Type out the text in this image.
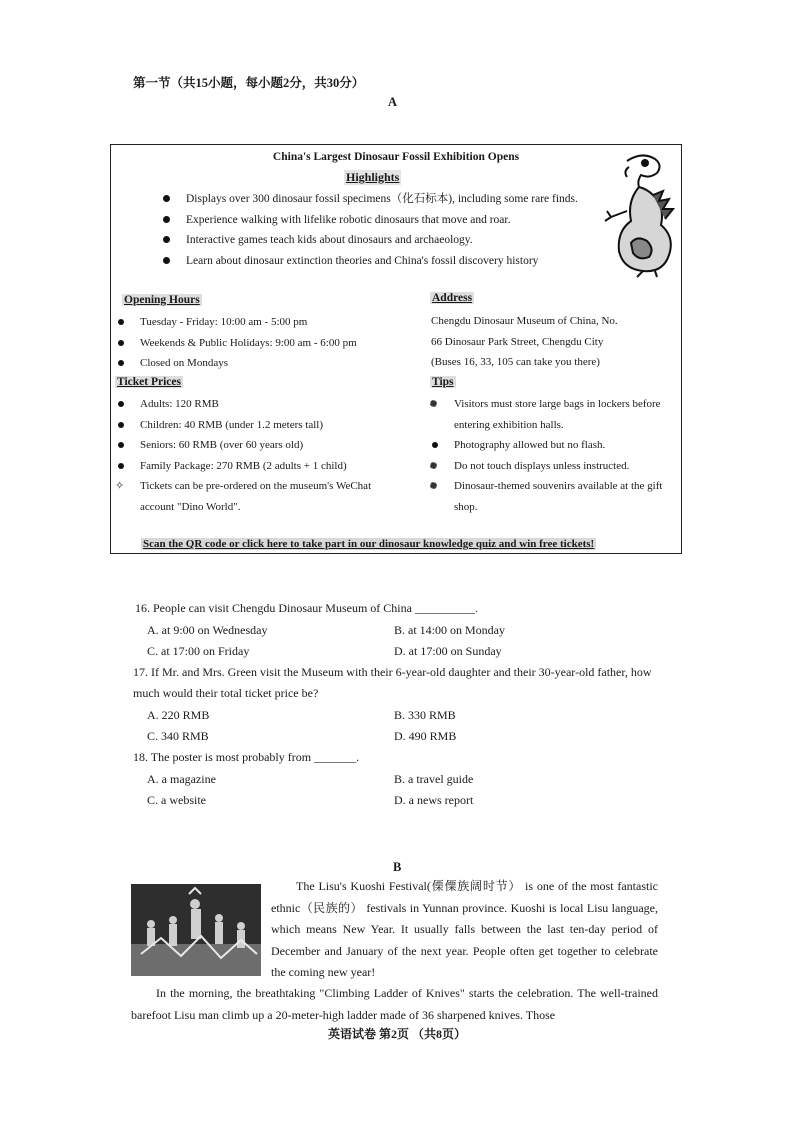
第一节（共15小题，每小题2分，共30分）
A
China's Largest Dinosaur Fossil Exhibition Opens
Highlights
Displays over 300 dinosaur fossil specimens（化石标本), including some rare finds.
Experience walking with lifelike robotic dinosaurs that move and roar.
Interactive games teach kids about dinosaurs and archaeology.
Learn about dinosaur extinction theories and China's fossil discovery history
Opening Hours
Tuesday - Friday: 10:00 am - 5:00 pm
Weekends & Public Holidays: 9:00 am - 6:00 pm
Closed on Mondays
Address
Chengdu Dinosaur Museum of China, No.
66 Dinosaur Park Street, Chengdu City
(Buses 16, 33, 105 can take you there)
Ticket Prices
Adults: 120 RMB
Children: 40 RMB (under 1.2 meters tall)
Seniors: 60 RMB (over 60 years old)
Family Package: 270 RMB (2 adults + 1 child)
✧ Tickets can be pre-ordered on the museum's WeChat
account "Dino World".
Tips
Visitors must store large bags in lockers before entering exhibition halls.
Photography allowed but no flash.
Do not touch displays unless instructed.
Dinosaur-themed souvenirs available at the gift shop.
Scan the QR code or click here to take part in our dinosaur knowledge quiz and win free tickets!
16. People can visit Chengdu Dinosaur Museum of China __________.
A. at 9:00 on Wednesday	B. at 14:00 on Monday
C. at 17:00 on Friday	D. at 17:00 on Sunday
17. If Mr. and Mrs. Green visit the Museum with their 6-year-old daughter and their 30-year-old father, how much would their total ticket price be?
A. 220 RMB	B. 330 RMB
C. 340 RMB	D. 490 RMB
18. The poster is most probably from _______.
A. a magazine	B. a travel guide
C. a website	D. a news report
B
The Lisu's Kuoshi Festival(傈僳族阔时节） is one of the most fantastic ethnic（民族的） festivals in Yunnan province. Kuoshi is local Lisu language, which means New Year. It usually falls between the last ten-day period of December and January of the next year. People often get together to celebrate the coming new year!
In the morning, the breathtaking "Climbing Ladder of Knives" starts the celebration. The well-trained barefoot Lisu man climb up a 20-meter-high ladder made of 36 sharpened knives. Those
英语试卷 第2页 （共8页）
